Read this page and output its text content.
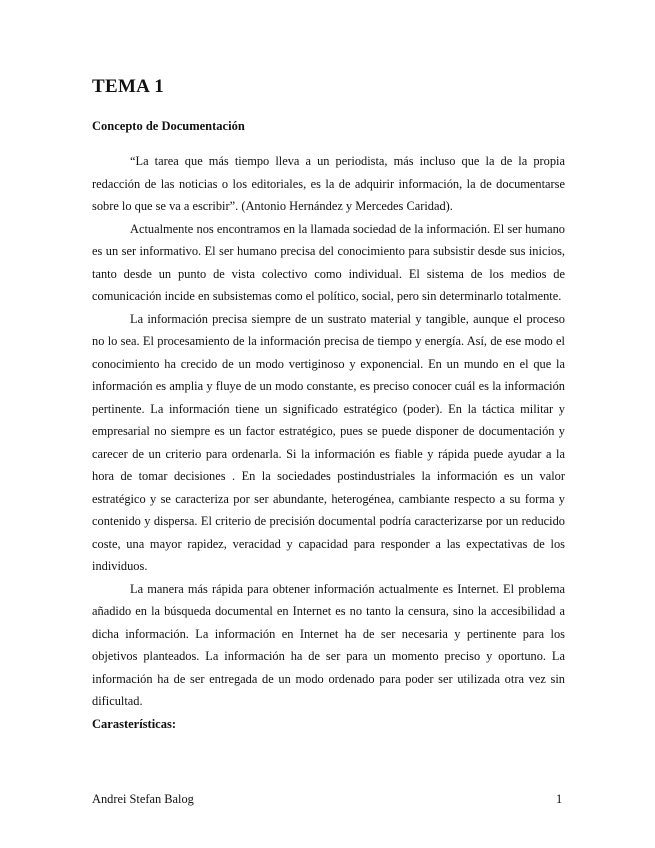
TEMA 1
Concepto de Documentación

“La tarea que más tiempo lleva a un periodista, más incluso que la de la propia redacción de las noticias o los editoriales, es la de adquirir información, la de documentarse sobre lo que se va a escribir”. (Antonio Hernández y Mercedes Caridad).

Actualmente nos encontramos en la llamada sociedad de la información. El ser humano es un ser informativo. El ser humano precisa del conocimiento para subsistir desde sus inicios, tanto desde un punto de vista colectivo como individual. El sistema de los medios de comunicación incide en subsistemas como el político, social, pero sin determinarlo totalmente.

La información precisa siempre de un sustrato material y tangible, aunque el proceso no lo sea. El procesamiento de la información precisa de tiempo y energía. Así, de ese modo el conocimiento ha crecido de un modo vertiginoso y exponencial. En un mundo en el que la información es amplia y fluye de un modo constante, es preciso conocer cuál es la información pertinente. La información tiene un significado estratégico (poder). En la táctica militar y empresarial no siempre es un factor estratégico, pues se puede disponer de documentación y carecer de un criterio para ordenarla. Si la información es fiable y rápida puede ayudar a la hora de tomar decisiones . En la sociedades postindustriales la información es un valor estratégico y se caracteriza por ser abundante, heterogénea, cambiante respecto a su forma y contenido y dispersa. El criterio de precisión documental podría caracterizarse por un reducido coste, una mayor rapidez, veracidad y capacidad para responder a las expectativas de los individuos.

La manera más rápida para obtener información actualmente es Internet. El problema añadido en la búsqueda documental en Internet es no tanto la censura, sino la accesibilidad a dicha información. La información en Internet ha de ser necesaria y pertinente para los objetivos planteados. La información ha de ser para un momento preciso y oportuno. La información ha de ser entregada de un modo ordenado para poder ser utilizada otra vez sin dificultad.

Carasterísticas:

Andrei Stefan Balog	1
